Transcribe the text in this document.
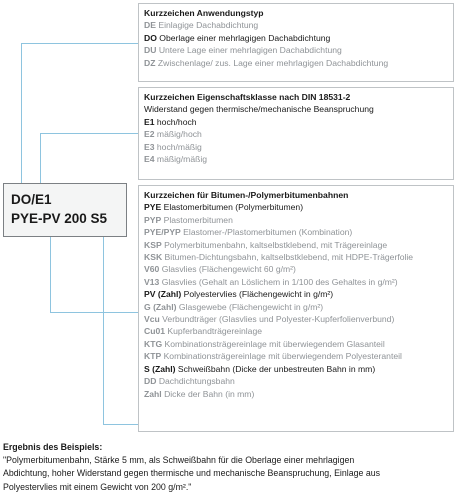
Kurzzeichen Anwendungstyp
DE Einlagige Dachabdichtung
DO Oberlage einer mehrlagigen Dachabdichtung
DU Untere Lage einer mehrlagigen Dachabdichtung
DZ Zwischenlage/ zus. Lage einer mehrlagigen Dachabdichtung
Kurzzeichen Eigenschaftsklasse nach DIN 18531-2
Widerstand gegen thermische/mechanische Beanspruchung
E1 hoch/hoch
E2 mäßig/hoch
E3 hoch/mäßig
E4 mäßig/mäßig
Kurzzeichen für Bitumen-/Polymerbitumenbahnen
PYE Elastomerbitumen (Polymerbitumen)
PYP Plastomerbitumen
PYE/PYP Elastomer-/Plastomerbitumen (Kombination)
KSP Polymerbitumenbahn, kaltselbstklebend, mit Trägereinlage
KSK Bitumen-Dichtungsbahn, kaltselbstklebend, mit HDPE-Trägerfolie
V60 Glasvlies (Flächengewicht 60 g/m²)
V13 Glasvlies (Gehalt an Löslichem in 1/100 des Gehaltes in g/m²)
PV (Zahl) Polyestervlies (Flächengewicht in g/m²)
G (Zahl) Glasgewebe (Flächengewicht in g/m²)
Vcu Verbundträger (Glasvlies und Polyester-Kupferfolienverbund)
Cu01 Kupferbandträgereinlage
KTG Kombinationsträgereinlage mit überwiegendem Glasanteil
KTP Kombinationsträgereinlage mit überwiegendem Polyesteranteil
S (Zahl) Schweißbahn (Dicke der unbestreuten Bahn in mm)
DD Dachdichtungsbahn
Zahl Dicke der Bahn (in mm)
DO/E1
PYE-PV 200 S5
Ergebnis des Beispiels:
"Polymerbitumenbahn, Stärke 5 mm, als Schweißbahn für die Oberlage einer mehrlagigen
Abdichtung, hoher Widerstand gegen thermische und mechanische Beanspruchung, Einlage aus
Polyestervlies mit einem Gewicht von 200 g/m²."
